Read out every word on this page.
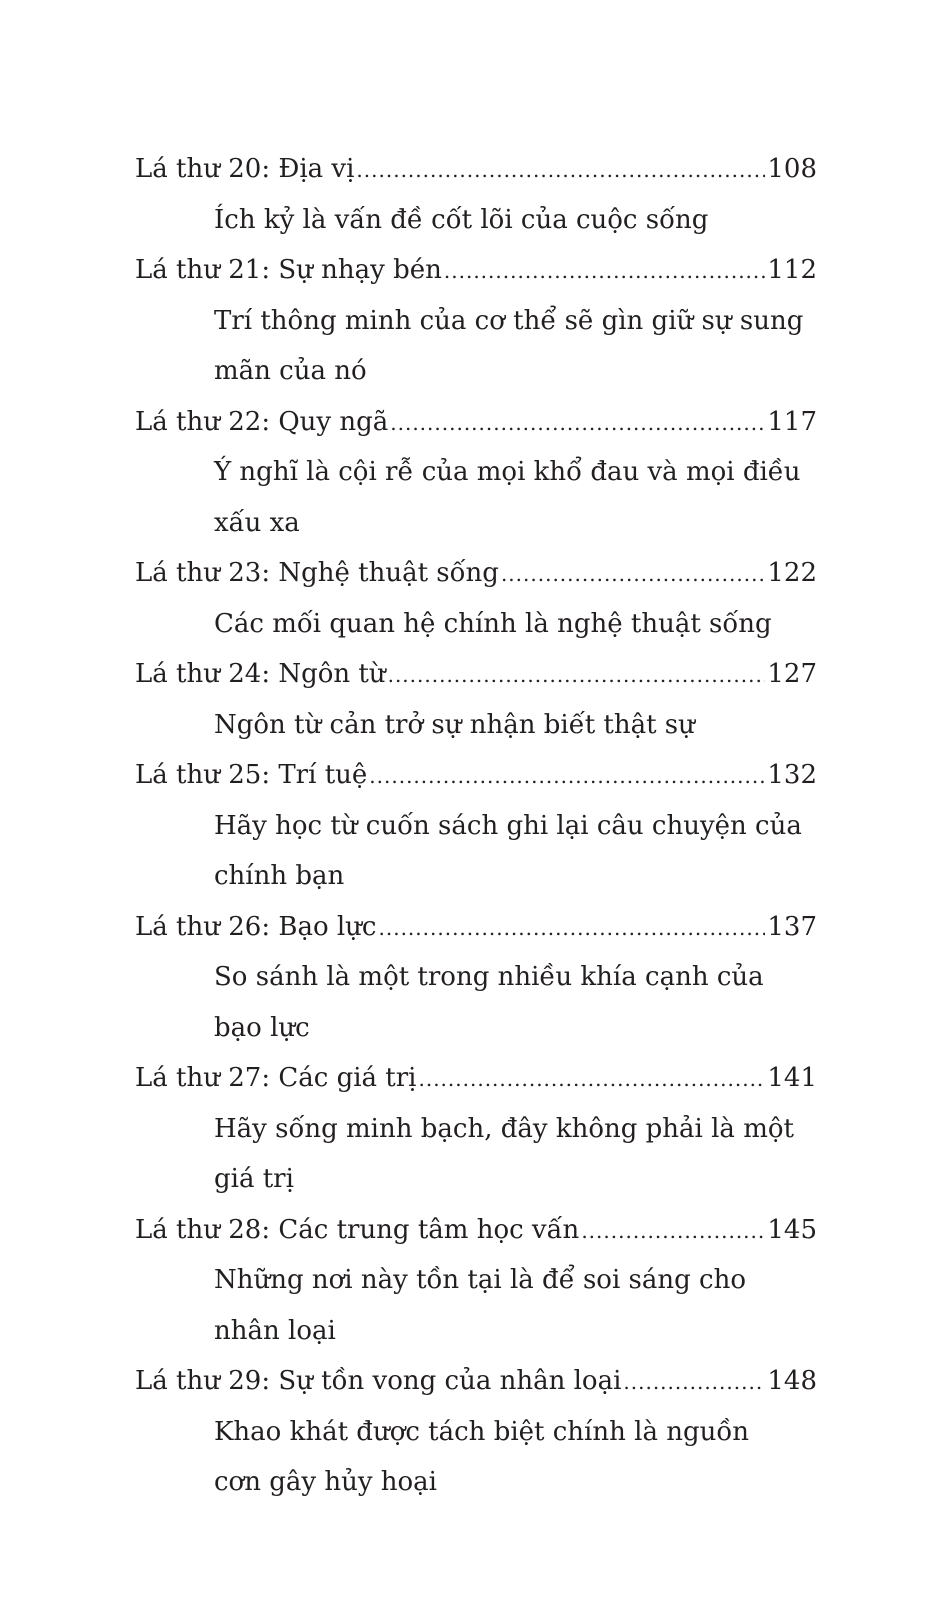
Lá thư 20: Địa vị .....	108
Ích kỷ là vấn đề cốt lõi của cuộc sống
Lá thư 21: Sự nhạy bén .....	112
Trí thông minh của cơ thể sẽ gìn giữ sự sung
mãn của nó
Lá thư 22: Quy ngã .....	117
Ý nghĩ là cội rễ của mọi khổ đau và mọi điều
xấu xa
Lá thư 23: Nghệ thuật sống .....	122
Các mối quan hệ chính là nghệ thuật sống
Lá thư 24: Ngôn từ .....	127
Ngôn từ cản trở sự nhận biết thật sự
Lá thư 25: Trí tuệ .....	132
Hãy học từ cuốn sách ghi lại câu chuyện của
chính bạn
Lá thư 26: Bạo lực .....	137
So sánh là một trong nhiều khía cạnh của
bạo lực
Lá thư 27: Các giá trị .....	141
Hãy sống minh bạch, đây không phải là một
giá trị
Lá thư 28: Các trung tâm học vấn .....	145
Những nơi này tồn tại là để soi sáng cho
nhân loại
Lá thư 29: Sự tồn vong của nhân loại .....	148
Khao khát được tách biệt chính là nguồn
cơn gây hủy hoại
